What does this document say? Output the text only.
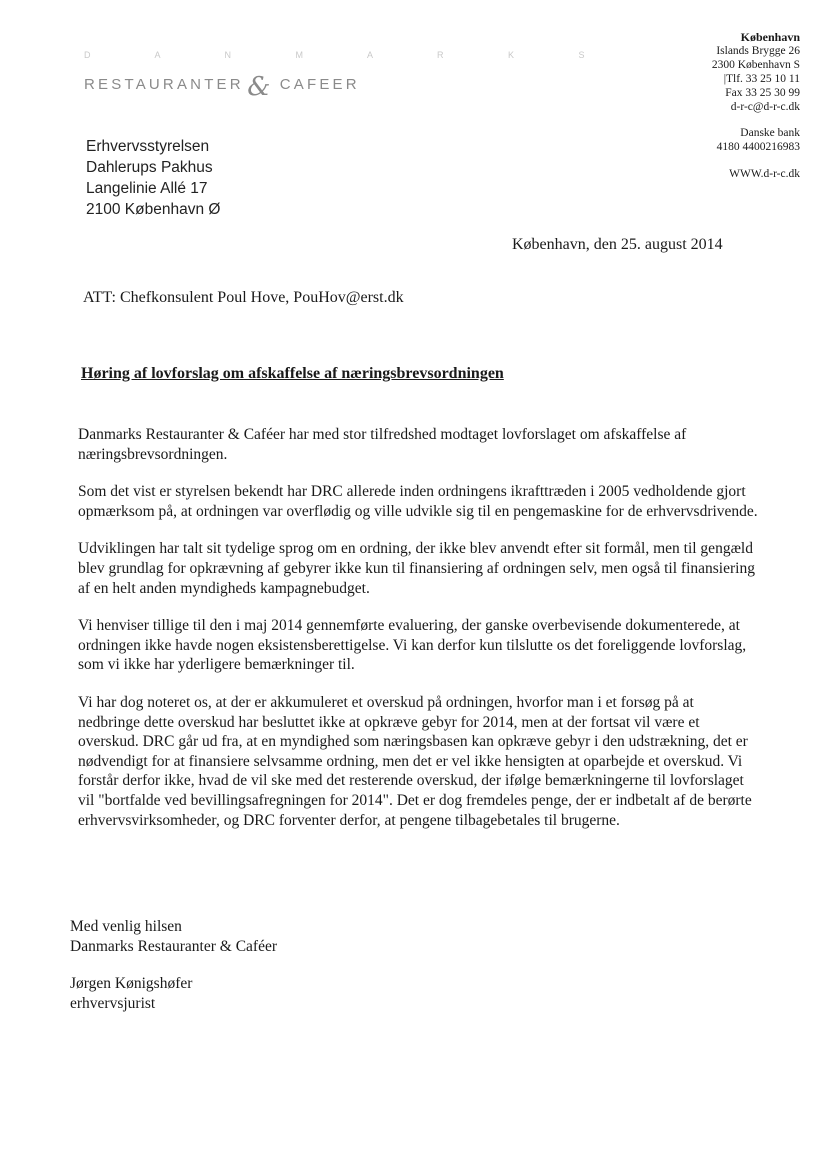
D A N M A R K S
RESTAURANTER & CAFEER
København
Islands Brygge 26
2300 København S
|Tlf. 33 25 10 11
Fax 33 25 30 99
d-r-c@d-r-c.dk
Danske bank
4180 4400216983
WWW.d-r-c.dk
Erhvervsstyrelsen
Dahlerups Pakhus
Langelinie Allé 17
2100 København Ø
København, den 25. august 2014
ATT: Chefkonsulent Poul Hove, PouHov@erst.dk
Høring af lovforslag om afskaffelse af næringsbrevsordningen

Danmarks Restauranter & Caféer har med stor tilfredshed modtaget lovforslaget om afskaffelse af næringsbrevsordningen.

Som det vist er styrelsen bekendt har DRC allerede inden ordningens ikrafttræden i 2005 vedholdende gjort opmærksom på, at ordningen var overflødig og ville udvikle sig til en pengemaskine for de erhvervsdrivende.

Udviklingen har talt sit tydelige sprog om en ordning, der ikke blev anvendt efter sit formål, men til gengæld blev grundlag for opkrævning af gebyrer ikke kun til finansiering af ordningen selv, men også til finansiering af en helt anden myndigheds kampagnebudget.

Vi henviser tillige til den i maj 2014 gennemførte evaluering, der ganske overbevisende dokumenterede, at ordningen ikke havde nogen eksistensberettigelse. Vi kan derfor kun tilslutte os det foreliggende lovforslag, som vi ikke har yderligere bemærkninger til.

Vi har dog noteret os, at der er akkumuleret et overskud på ordningen, hvorfor man i et forsøg på at nedbringe dette overskud har besluttet ikke at opkræve gebyr for 2014, men at der fortsat vil være et overskud. DRC går ud fra, at en myndighed som næringsbasen kan opkræve gebyr i den udstrækning, det er nødvendigt for at finansiere selvsamme ordning, men det er vel ikke hensigten at oparbejde et overskud. Vi forstår derfor ikke, hvad de vil ske med det resterende overskud, der ifølge bemærkningerne til lovforslaget vil "bortfalde ved bevillingsafregningen for 2014". Det er dog fremdeles penge, der er indbetalt af de berørte erhvervsvirksomheder, og DRC forventer derfor, at pengene tilbagebetales til brugerne.

Med venlig hilsen
Danmarks Restauranter & Caféer
Jørgen Kønigshøfer
erhvervsjurist
